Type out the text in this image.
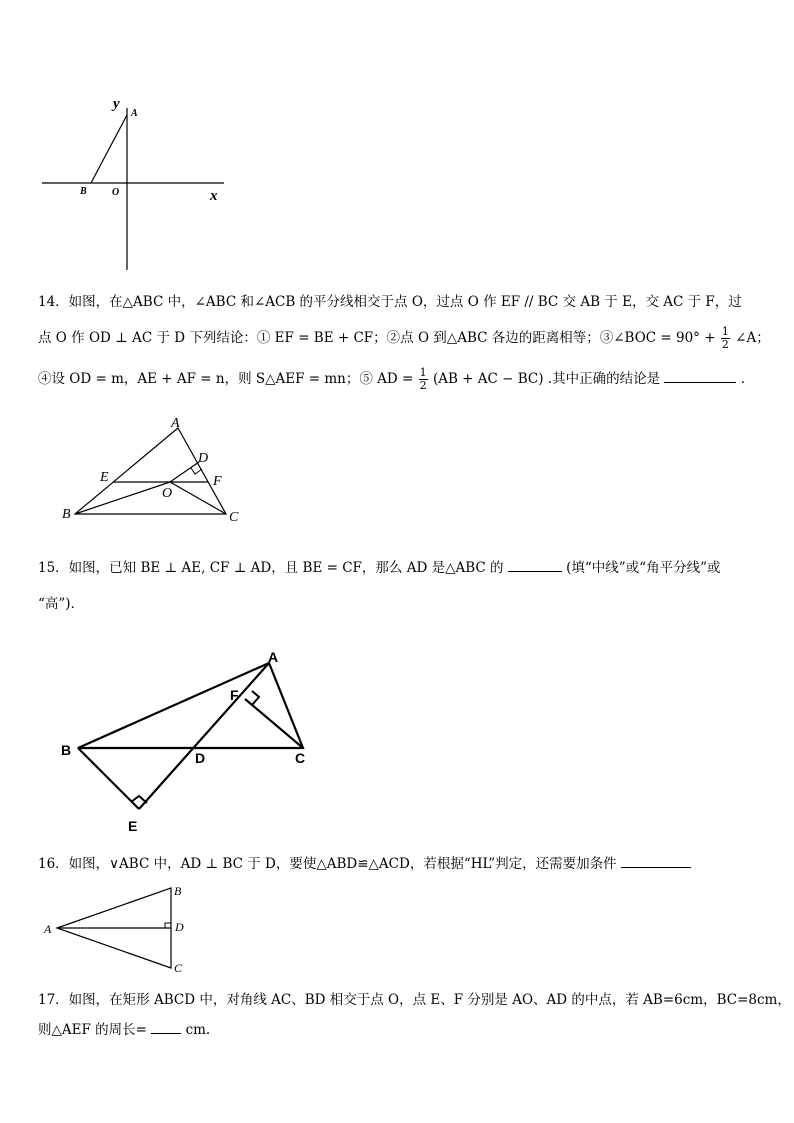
y
x
A
B	O
14．如图，在△ABC 中，∠ABC 和∠ACB 的平分线相交于点 O，过点 O 作 EF // BC 交 AB 于 E，交 AC 于 F，过
点 O 作 OD ⊥ AC 于 D 下列结论：① EF = BE + CF；②点 O 到△ABC 各边的距离相等；③∠BOC = $90^\circ + \frac{1}{2}$ ∠A；
④设 OD = m，AE + AF = n，则 S△AEF = mn；⑤ AD = $\frac{1}{2} (AB$ + AC − BC) .其中正确的结论是	.
A
D
E	F
O
B	C
15．如图，已知 BE ⊥ AE, CF ⊥ AD，且 BE = CF，那么 AD 是△ABC 的	(填“中线”或“角平分线”或
“高”)．
A
F
B	D	C
E
16．如图，∨ABC 中，AD ⊥ BC 于 D，要使△ABD≌△ACD，若根据“HL”判定，还需要加条件
A
B
D
C
17．如图，在矩形 ABCD 中，对角线 AC、BD 相交于点 O，点 E、F 分别是 AO、AD 的中点，若 AB=6cm，BC=8cm，
则△AEF 的周长=	cm.
